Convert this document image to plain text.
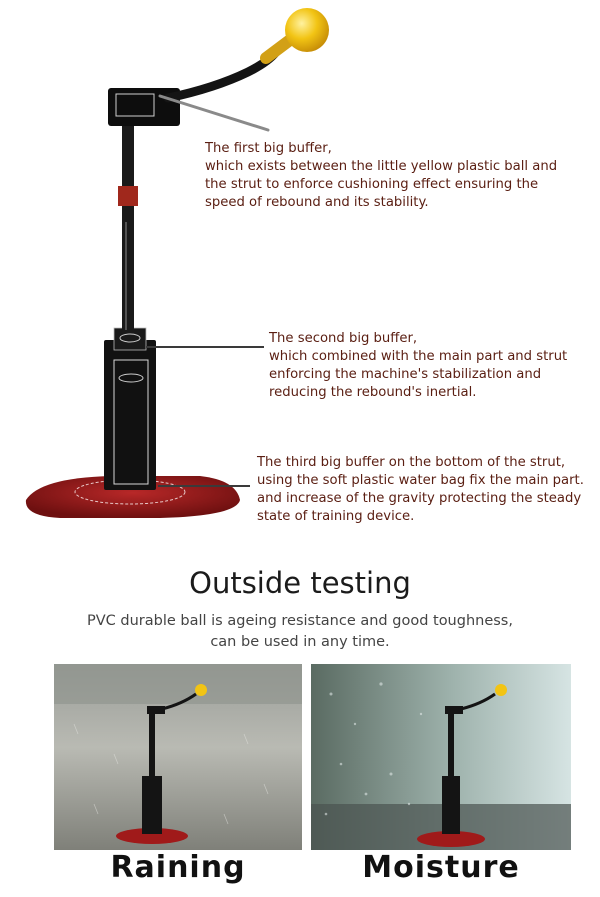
The first big buffer,
which exists between the little yellow plastic ball and
the strut to enforce cushioning effect ensuring the
speed of rebound and its stability.
The second big buffer,
which combined with the main part and strut
enforcing the machine's stabilization and
reducing the rebound's inertial.
The third big buffer on the bottom of the strut,
using the soft plastic water bag fix the main part.
and increase of the gravity protecting the steady
state of training device.
Outside testing
PVC durable ball is ageing resistance and good toughness,
can be used in any time.
Raining	Moisture
